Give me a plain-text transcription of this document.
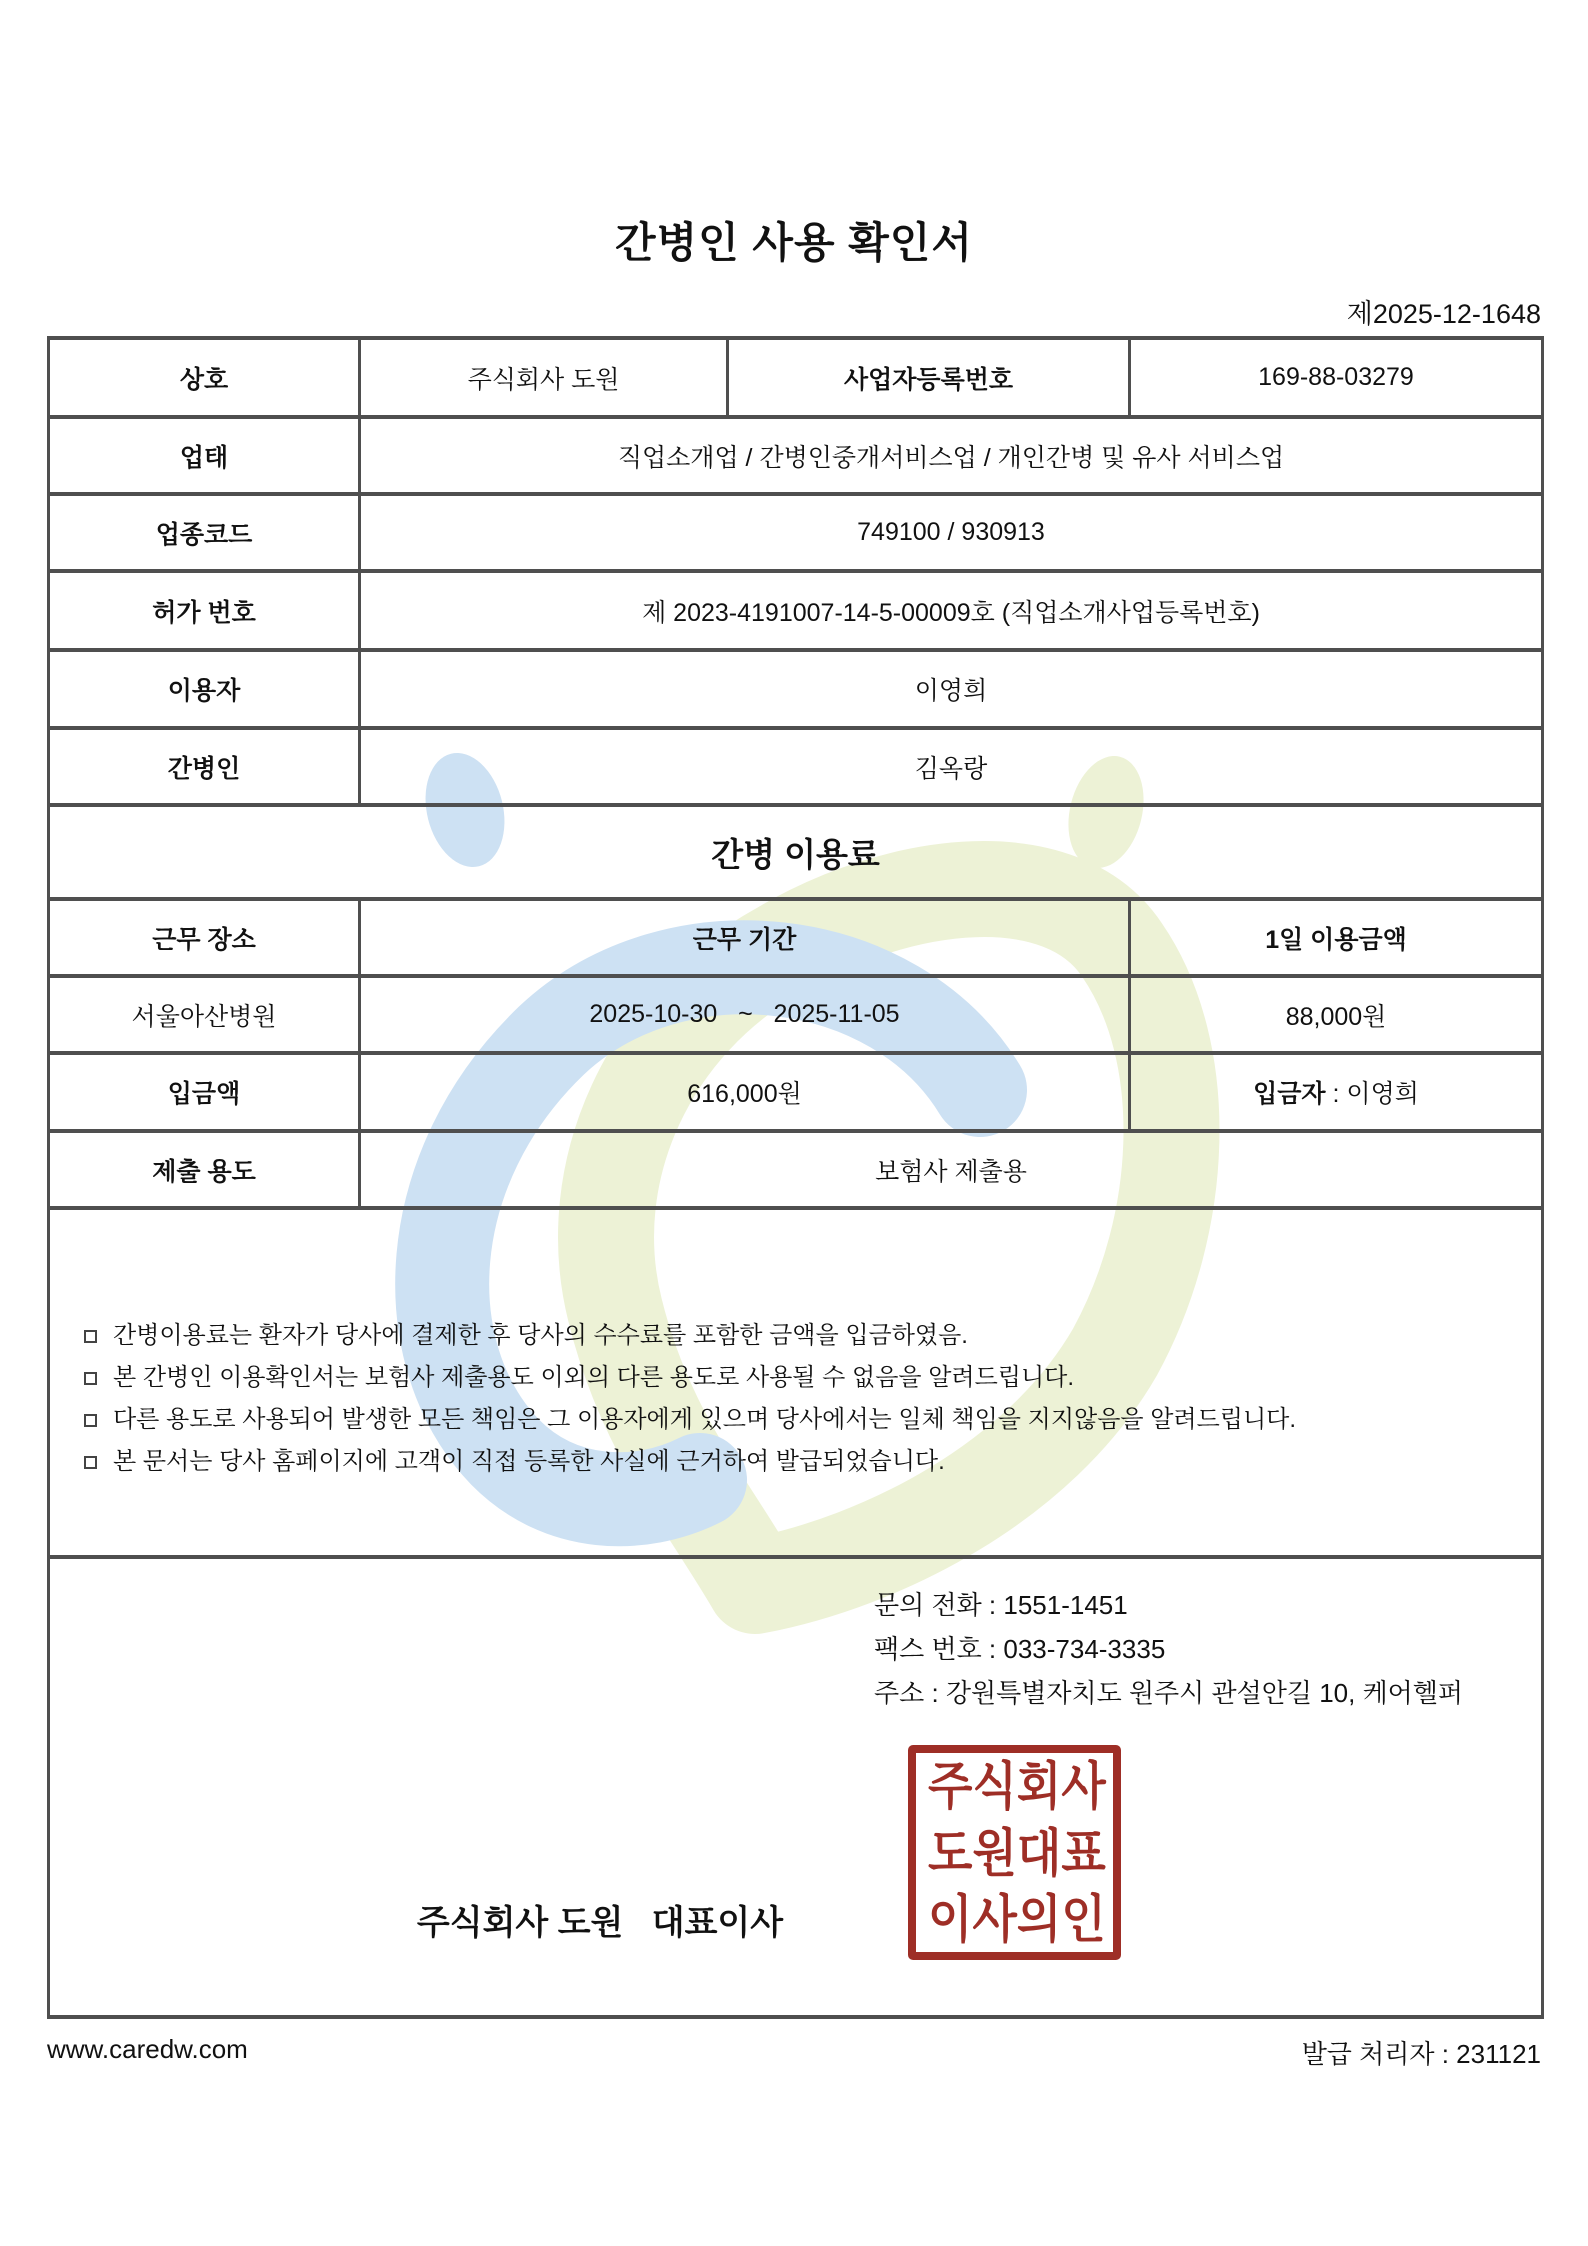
간병인 사용 확인서
제2025-12-1648
상호	주식회사 도원	사업자등록번호	169-88-03279
업태	직업소개업 / 간병인중개서비스업 / 개인간병 및 유사 서비스업		
업종코드	749100 / 930913		
허가 번호	제 2023-4191007-14-5-00009호 (직업소개사업등록번호)		
이용자	이영희		
간병인	김옥랑		
간병 이용료			
근무 장소	근무 기간		1일 이용금액
서울아산병원	2025-10-30   ~   2025-11-05		88,000원
입금액	616,000원		입금자 : 이영희
제출 용도	보험사 제출용		

간병이용료는 환자가 당사에 결제한 후 당사의 수수료를 포함한 금액을 입금하였음.
본 간병인 이용확인서는 보험사 제출용도 이외의 다른 용도로 사용될 수 없음을 알려드립니다.
다른 용도로 사용되어 발생한 모든 책임은 그 이용자에게 있으며 당사에서는 일체 책임을 지지않음을 알려드립니다.
본 문서는 당사 홈페이지에 고객이 직접 등록한 사실에 근거하여 발급되었습니다.			

문의 전화 : 1551-1451
팩스 번호 : 033-734-3335
주소 : 강원특별자치도 원주시 관설안길 10, 케어헬퍼
주식회사 도원   대표이사
주 식 회 사
도 원 대 표
이 사 의 인
www.caredw.com	발급 처리자 : 231121
